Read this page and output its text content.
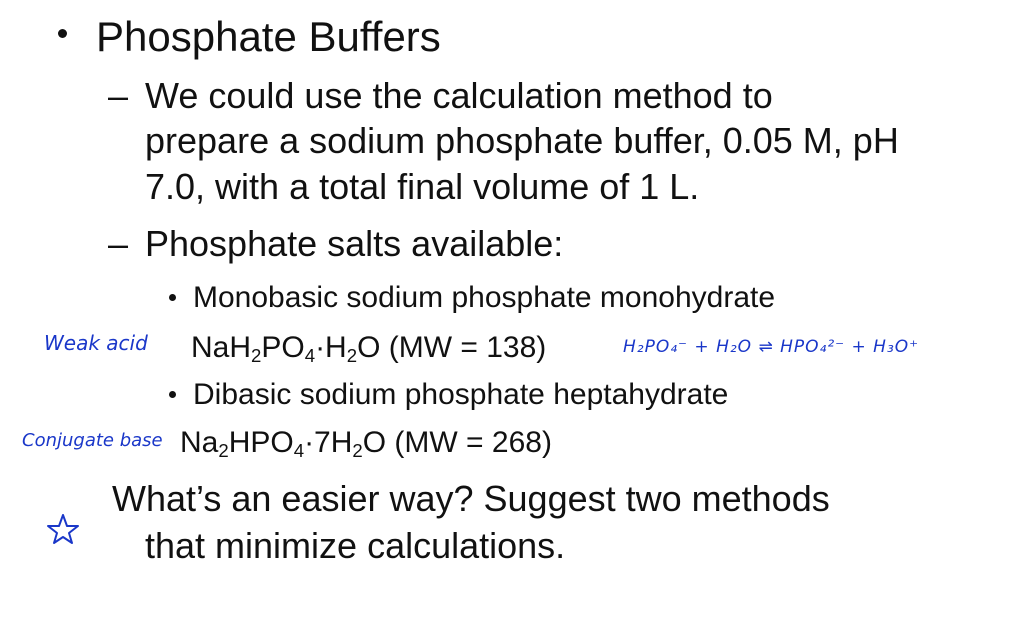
Phosphate Buffers
– We could use the calculation method to
prepare a sodium phosphate buffer, 0.05 M, pH
7.0, with a total final volume of 1 L.
– Phosphate salts available:
Monobasic sodium phosphate monohydrate
$NaH_2PO_4\cdot H_2O$ (MW = 138)
Dibasic sodium phosphate heptahydrate
$Na_2HPO_4\cdot 7H_2O$ (MW = 268)
What’s an easier way? Suggest two methods
that minimize calculations.
Weak acid
Conjugate base
H₂PO₄⁻ + H₂O ⇌ HPO₄²⁻ + H₃O⁺
